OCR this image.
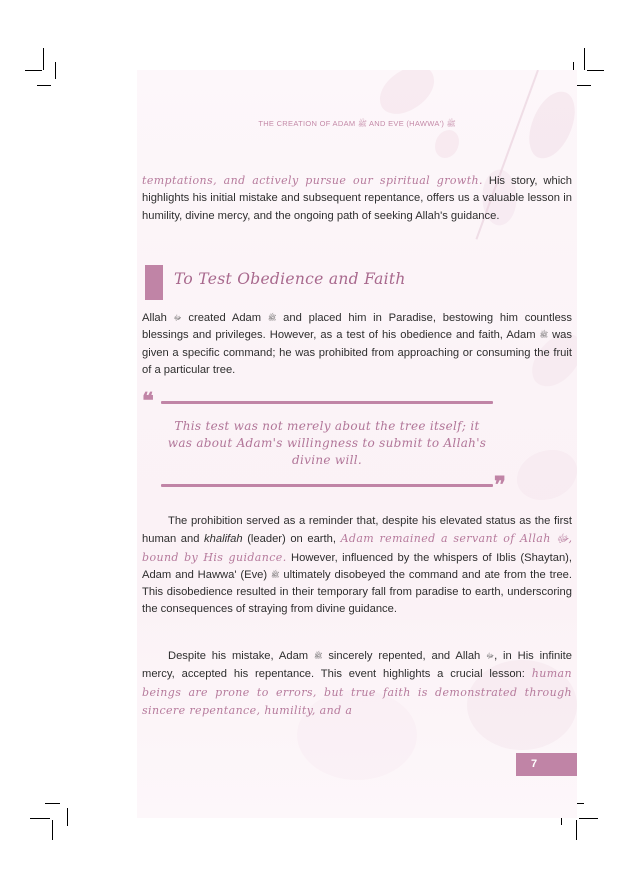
THE CREATION OF ADAM ﷺ AND EVE (HAWWA') ﷺ
temptations, and actively pursue our spiritual growth. His story, which highlights his initial mistake and subsequent repentance, offers us a valuable lesson in humility, divine mercy, and the ongoing path of seeking Allah's guidance.
To Test Obedience and Faith
Allah ﷻ created Adam ﷺ and placed him in Paradise, bestowing him countless blessings and privileges. However, as a test of his obedience and faith, Adam ﷺ was given a specific command; he was prohibited from approaching or consuming the fruit of a particular tree.
❝
This test was not merely about the tree itself; it was about Adam's willingness to submit to Allah's divine will.
❞
The prohibition served as a reminder that, despite his elevated status as the first human and khalifah (leader) on earth, Adam remained a servant of Allah ﷻ, bound by His guidance. However, influenced by the whispers of Iblis (Shaytan), Adam and Hawwa' (Eve) ﷺ ultimately disobeyed the command and ate from the tree. This disobedience resulted in their temporary fall from paradise to earth, underscoring the consequences of straying from divine guidance.
Despite his mistake, Adam ﷺ sincerely repented, and Allah ﷻ, in His infinite mercy, accepted his repentance. This event highlights a crucial lesson: human beings are prone to errors, but true faith is demonstrated through sincere repentance, humility, and a
7
